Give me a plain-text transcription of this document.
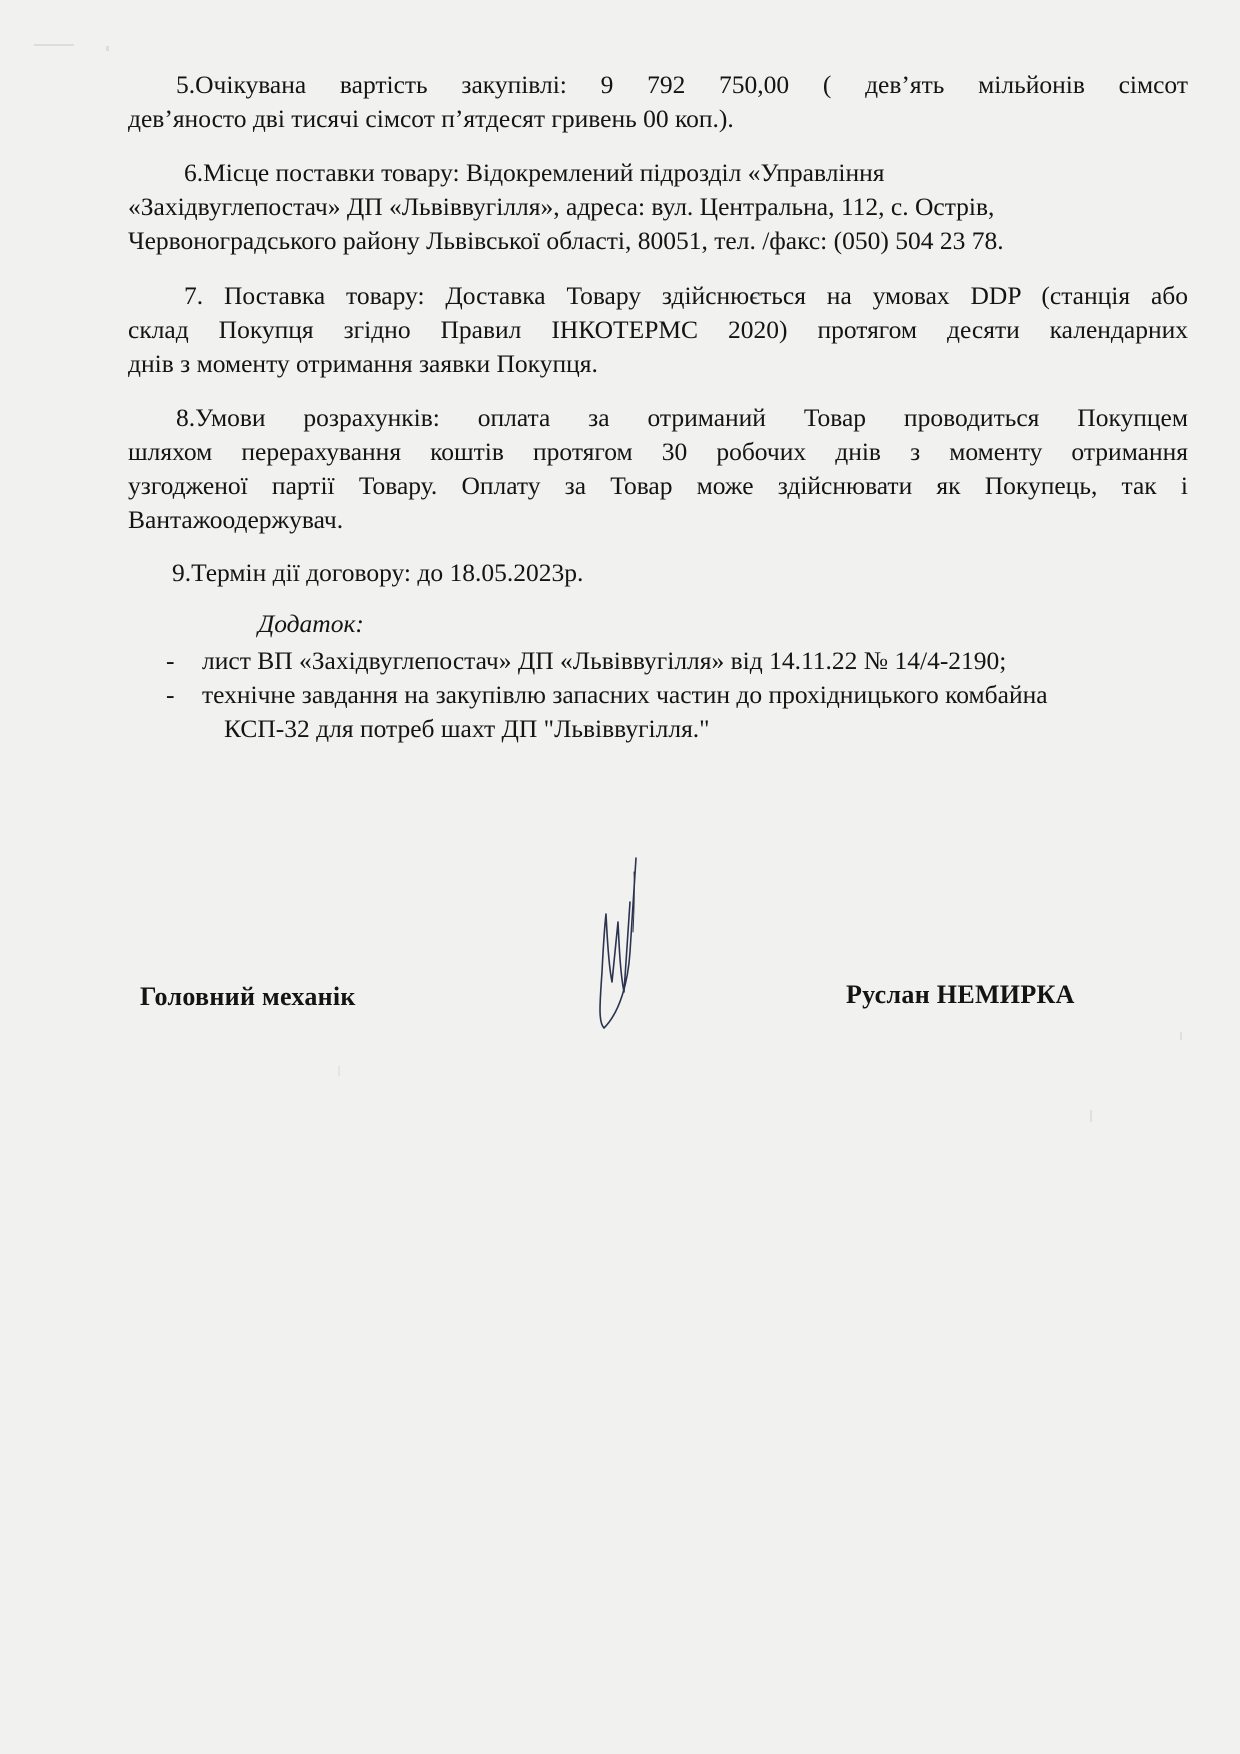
5.Очікувана вартість закупівлі: 9 792 750,00 ( дев’ять мільйонів сімсот
дев’яносто дві тисячі сімсот п’ятдесят гривень 00 коп.).
6.Місце поставки товару: Відокремлений підрозділ «Управління
«Західвуглепостач» ДП «Львіввугілля», адреса: вул. Центральна, 112, с. Острів,
Червоноградського району Львівської області, 80051, тел. /факс: (050) 504 23 78.
7. Поставка товару: Доставка Товару здійснюється на умовах DDP (станція або
склад Покупця згідно Правил ІНКОТЕРМС 2020) протягом десяти календарних
днів з моменту отримання заявки Покупця.
8.Умови розрахунків: оплата за отриманий Товар проводиться Покупцем
шляхом перерахування коштів протягом 30 робочих днів з моменту отримання
узгодженої партії Товару. Оплату за Товар може здійснювати як Покупець, так і
Вантажоодержувач.
9.Термін дії договору: до 18.05.2023р.
Додаток:
- лист ВП «Західвуглепостач» ДП «Львіввугілля» від 14.11.22 № 14/4-2190;
- технічне завдання на закупівлю запасних частин до прохідницького комбайна
КСП-32 для потреб шахт ДП "Львіввугілля."
Головний механік	Руслан НЕМИРКА
